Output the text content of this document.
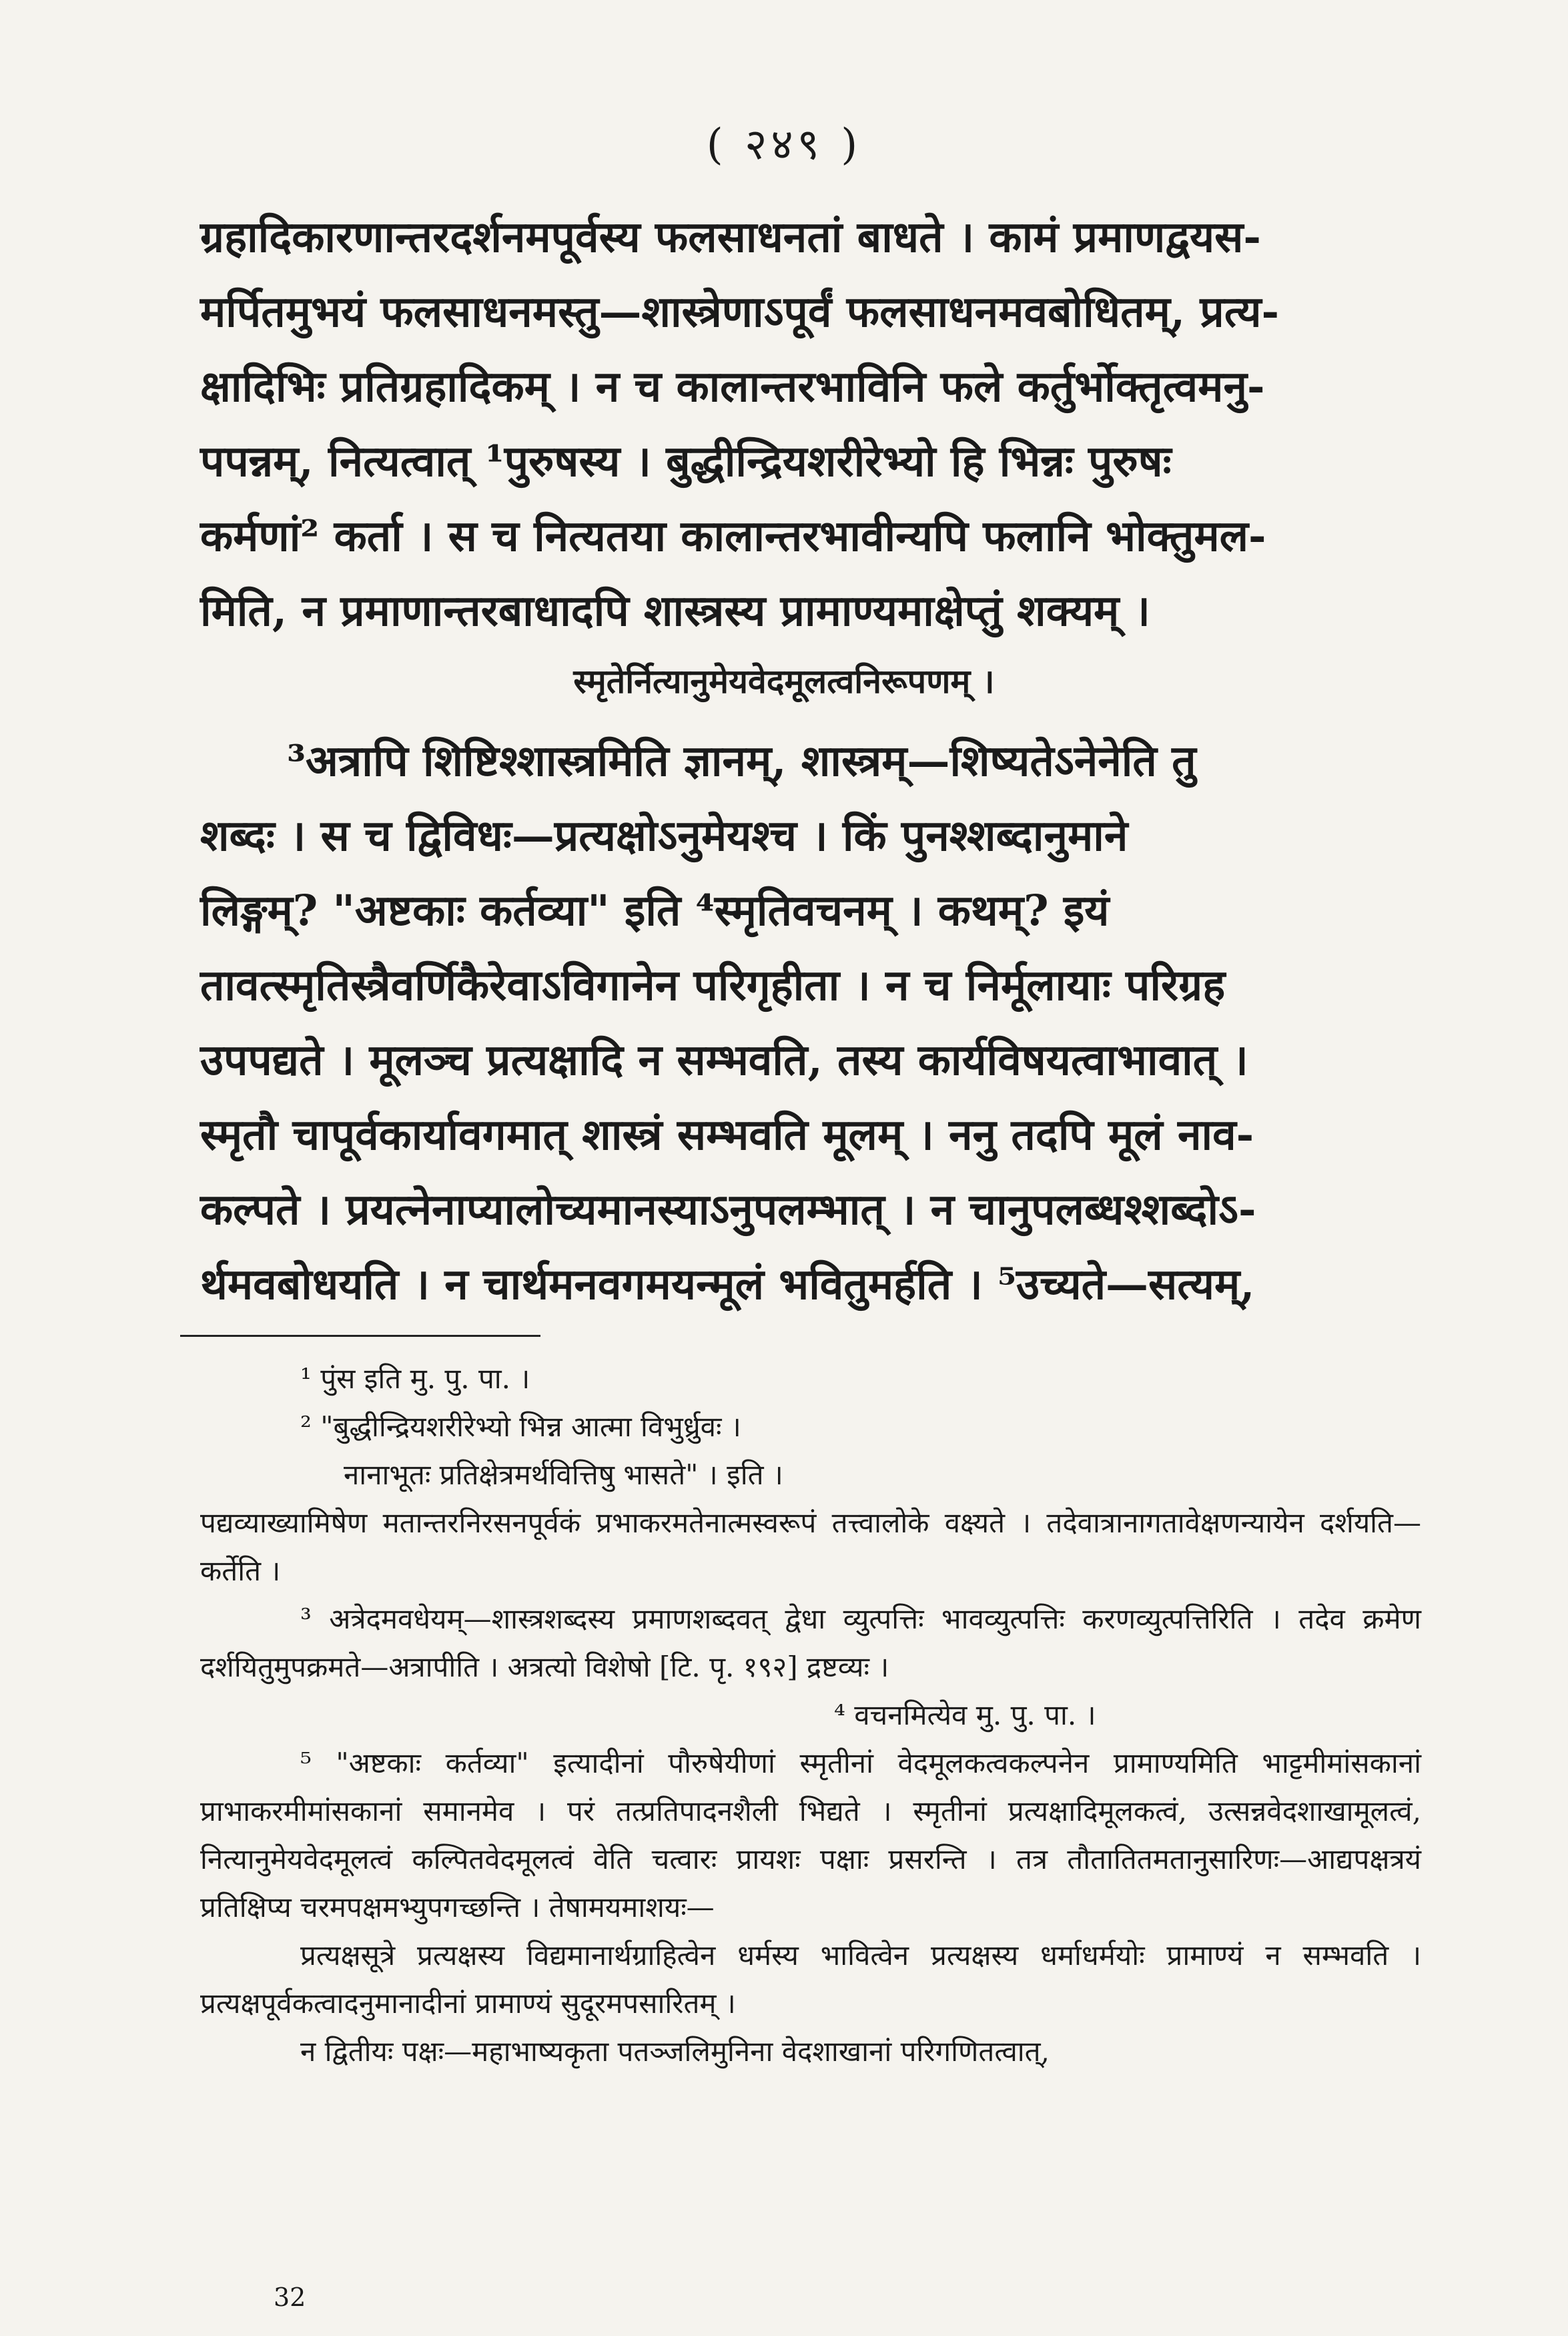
( २४९ )

ग्रहादिकारणान्तरदर्शनमपूर्वस्य फलसाधनतां बाधते । कामं प्रमाणद्वयस-

मर्पितमुभयं फलसाधनमस्तु—शास्त्रेणाऽपूर्वं फलसाधनमवबोधितम्, प्रत्य-

क्षादिभिः प्रतिग्रहादिकम् । न च कालान्तरभाविनि फले कर्तुर्भोक्तृत्वमनु-

पपन्नम्, नित्यत्वात् ¹पुरुषस्य । बुद्धीन्द्रियशरीरेभ्यो हि भिन्नः पुरुषः

कर्मणां² कर्ता । स च नित्यतया कालान्तरभावीन्यपि फलानि भोक्तुमल-

मिति, न प्रमाणान्तरबाधादपि शास्त्रस्य प्रामाण्यमाक्षेप्तुं शक्यम् ।

स्मृतेर्नित्यानुमेयवेदमूलत्वनिरूपणम् ।

³अत्रापि शिष्टिश्शास्त्रमिति ज्ञानम्, शास्त्रम्—शिष्यतेऽनेनेति तु

शब्दः । स च द्विविधः—प्रत्यक्षोऽनुमेयश्च । किं पुनश्शब्दानुमाने

लिङ्गम्? "अष्टकाः कर्तव्या" इति ⁴स्मृतिवचनम् । कथम्? इयं

तावत्स्मृतिस्त्रैवर्णिकैरेवाऽविगानेन परिगृहीता । न च निर्मूलायाः परिग्रह

उपपद्यते । मूलञ्च प्रत्यक्षादि न सम्भवति, तस्य कार्यविषयत्वाभावात् ।

स्मृतौ चापूर्वकार्यावगमात् शास्त्रं सम्भवति मूलम् । ननु तदपि मूलं नाव-

कल्पते । प्रयत्नेनाप्यालोच्यमानस्याऽनुपलम्भात् । न चानुपलब्धश्शब्दोऽ-

र्थमवबोधयति । न चार्थमनवगमयन्मूलं भवितुमर्हति । ⁵उच्यते—सत्यम्,

¹ पुंस इति मु. पु. पा. ।

² "बुद्धीन्द्रियशरीरेभ्यो भिन्न आत्मा विभुर्ध्रुवः ।

नानाभूतः प्रतिक्षेत्रमर्थवित्तिषु भासते" । इति ।

पद्यव्याख्यामिषेण मतान्तरनिरसनपूर्वकं प्रभाकरमतेनात्मस्वरूपं तत्त्वालोके वक्ष्यते । तदेवात्रानागतावेक्षणन्यायेन दर्शयति—कर्तेति ।

³ अत्रेदमवधेयम्—शास्त्रशब्दस्य प्रमाणशब्दवत् द्वेधा व्युत्पत्तिः भावव्युत्पत्तिः करणव्युत्पत्तिरिति । तदेव क्रमेण दर्शयितुमुपक्रमते—अत्रापीति । अत्रत्यो विशेषो [टि. पृ. १९२] द्रष्टव्यः ।

⁴ वचनमित्येव मु. पु. पा. ।

⁵ "अष्टकाः कर्तव्या" इत्यादीनां पौरुषेयीणां स्मृतीनां वेदमूलकत्वकल्पनेन प्रामाण्यमिति भाट्टमीमांसकानां प्राभाकरमीमांसकानां समानमेव । परं तत्प्रतिपादनशैली भिद्यते । स्मृतीनां प्रत्यक्षादिमूलकत्वं, उत्सन्नवेदशाखामूलत्वं, नित्यानुमेयवेदमूलत्वं कल्पितवेदमूलत्वं वेति चत्वारः प्रायशः पक्षाः प्रसरन्ति । तत्र तौतातितमतानुसारिणः—आद्यपक्षत्रयं प्रतिक्षिप्य चरमपक्षमभ्युपगच्छन्ति । तेषामयमाशयः—

प्रत्यक्षसूत्रे प्रत्यक्षस्य विद्यमानार्थग्राहित्वेन धर्मस्य भावित्वेन प्रत्यक्षस्य धर्माधर्मयोः प्रामाण्यं न सम्भवति । प्रत्यक्षपूर्वकत्वादनुमानादीनां प्रामाण्यं सुदूरमपसारितम् ।

न द्वितीयः पक्षः—महाभाष्यकृता पतञ्जलिमुनिना वेदशाखानां परिगणितत्वात्,

32
